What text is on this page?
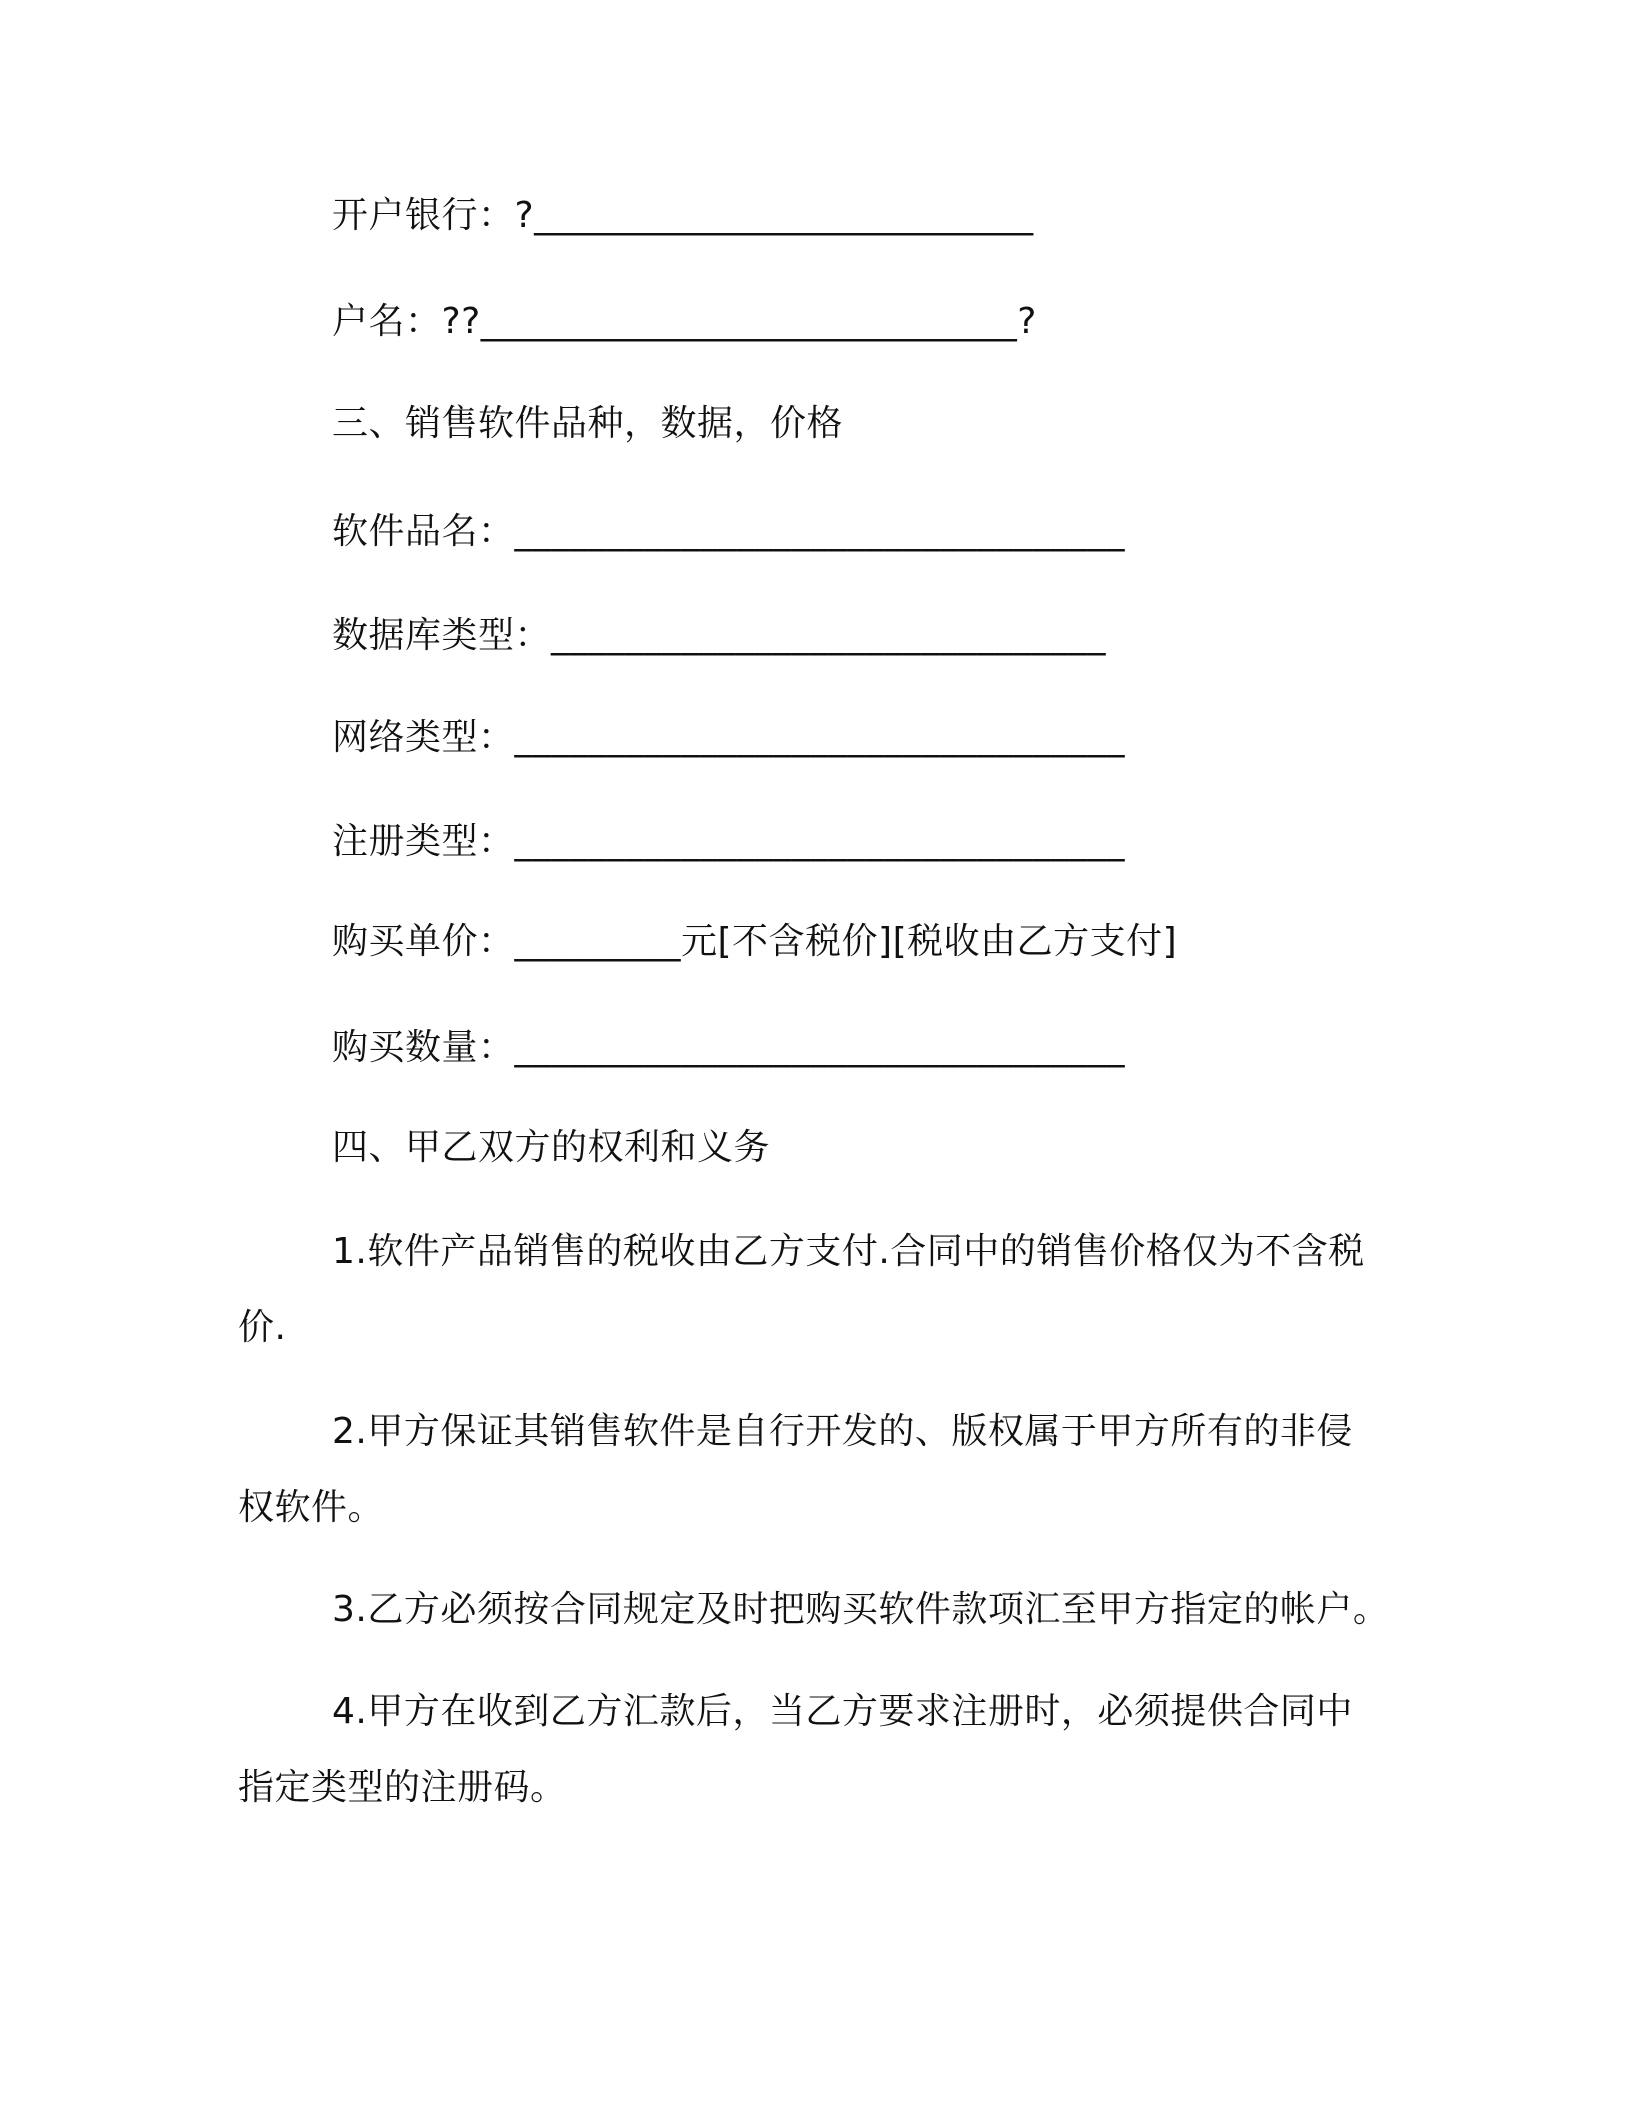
开户银行：?___________________________
户名：??_____________________________?
三、销售软件品种，数据，价格
软件品名：_________________________________
数据库类型：______________________________
网络类型：_________________________________
注册类型：_________________________________
购买单价：_________元[不含税价][税收由乙方支付]
购买数量：_________________________________
四、甲乙双方的权利和义务
1.软件产品销售的税收由乙方支付.合同中的销售价格仅为不含税
价.
2.甲方保证其销售软件是自行开发的、版权属于甲方所有的非侵
权软件。
3.乙方必须按合同规定及时把购买软件款项汇至甲方指定的帐户。
4.甲方在收到乙方汇款后，当乙方要求注册时，必须提供合同中
指定类型的注册码。
